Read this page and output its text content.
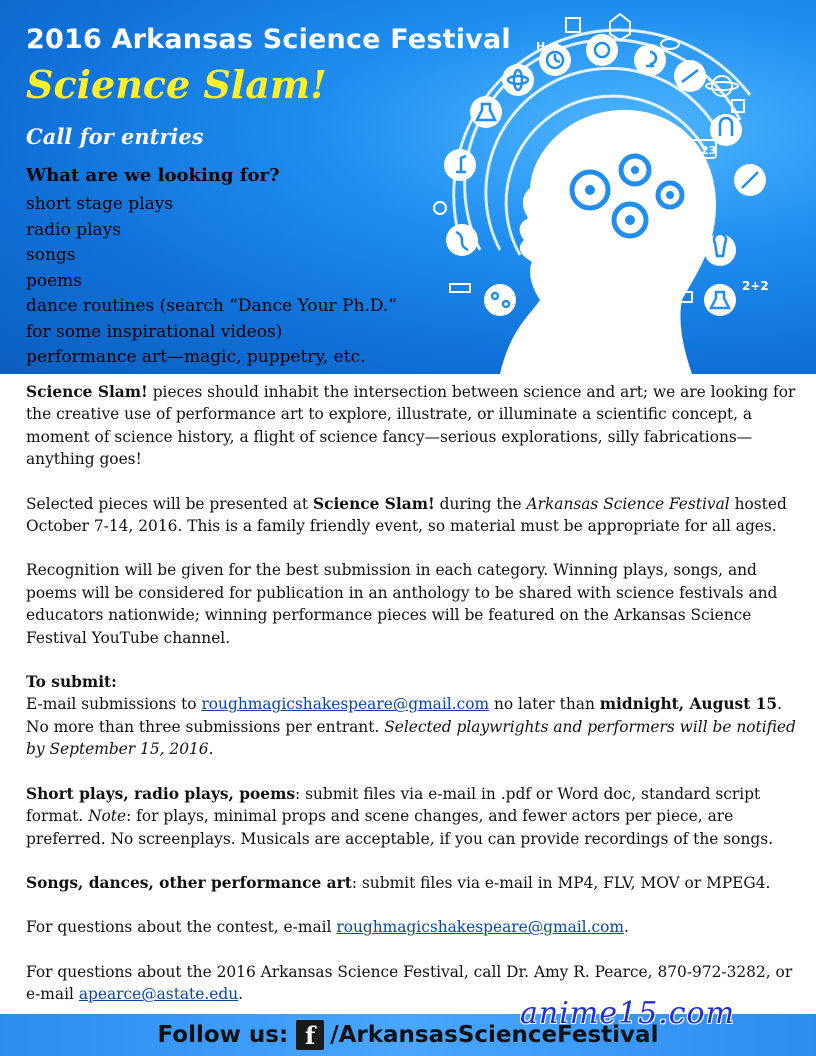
2016 Arkansas Science Festival
Science Slam!

Call for entries

What are we looking for?

short stage plays
radio plays
songs
poems
dance routines (search “Dance Your Ph.D.”
for some inspirational videos)
performance art—magic, puppetry, etc.
H₂O
√123
2+2

Science Slam! pieces should inhabit the intersection between science and art; we are looking for the creative use of performance art to explore, illustrate, or illuminate a scientific concept, a moment of science history, a flight of science fancy—serious explorations, silly fabrications—anything goes!

Selected pieces will be presented at Science Slam! during the Arkansas Science Festival hosted October 7-14, 2016. This is a family friendly event, so material must be appropriate for all ages.

Recognition will be given for the best submission in each category. Winning plays, songs, and poems will be considered for publication in an anthology to be shared with science festivals and educators nationwide; winning performance pieces will be featured on the Arkansas Science Festival YouTube channel.

To submit:

E-mail submissions to roughmagicshakespeare@gmail.com no later than midnight, August 15. No more than three submissions per entrant. Selected playwrights and performers will be notified by September 15, 2016.

Short plays, radio plays, poems: submit files via e-mail in .pdf or Word doc, standard script format. Note: for plays, minimal props and scene changes, and fewer actors per piece, are preferred. No screenplays. Musicals are acceptable, if you can provide recordings of the songs.

Songs, dances, other performance art: submit files via e-mail in MP4, FLV, MOV or MPEG4.

For questions about the contest, e-mail roughmagicshakespeare@gmail.com.

For questions about the 2016 Arkansas Science Festival, call Dr. Amy R. Pearce, 870-972-3282, or e-mail apearce@astate.edu.

Follow us: f /ArkansasScienceFestival

anime15.com
